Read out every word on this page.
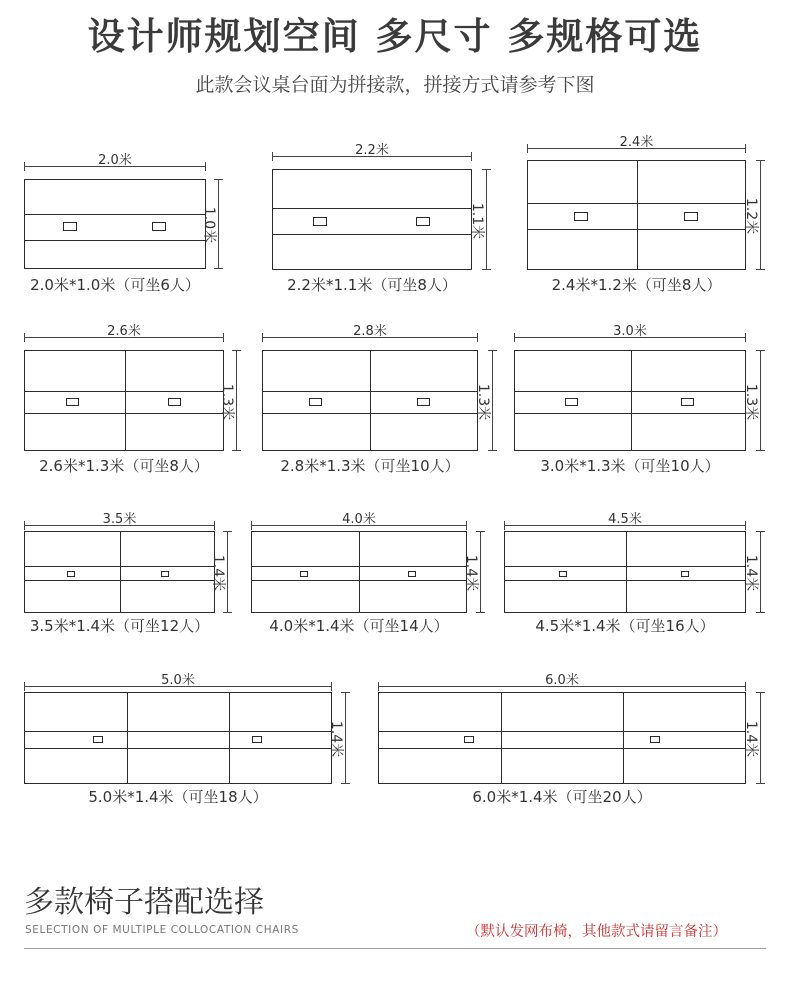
设计师规划空间 多尺寸 多规格可选
此款会议桌台面为拼接款，拼接方式请参考下图
2.0米
1.0米
2.0米*1.0米（可坐6人）
2.2米
1.1米
2.2米*1.1米（可坐8人）
2.4米
1.2米
2.4米*1.2米（可坐8人）
2.6米
1.3米
2.6米*1.3米（可坐8人）
2.8米
1.3米
2.8米*1.3米（可坐10人）
3.0米
1.3米
3.0米*1.3米（可坐10人）
3.5米
1.4米
3.5米*1.4米（可坐12人）
4.0米
1.4米
4.0米*1.4米（可坐14人）
4.5米
1.4米
4.5米*1.4米（可坐16人）
5.0米
1.4米
5.0米*1.4米（可坐18人）
6.0米
1.4米
6.0米*1.4米（可坐20人）
多款椅子搭配选择
SELECTION OF MULTIPLE COLLOCATION CHAIRS	（默认发网布椅，其他款式请留言备注）
